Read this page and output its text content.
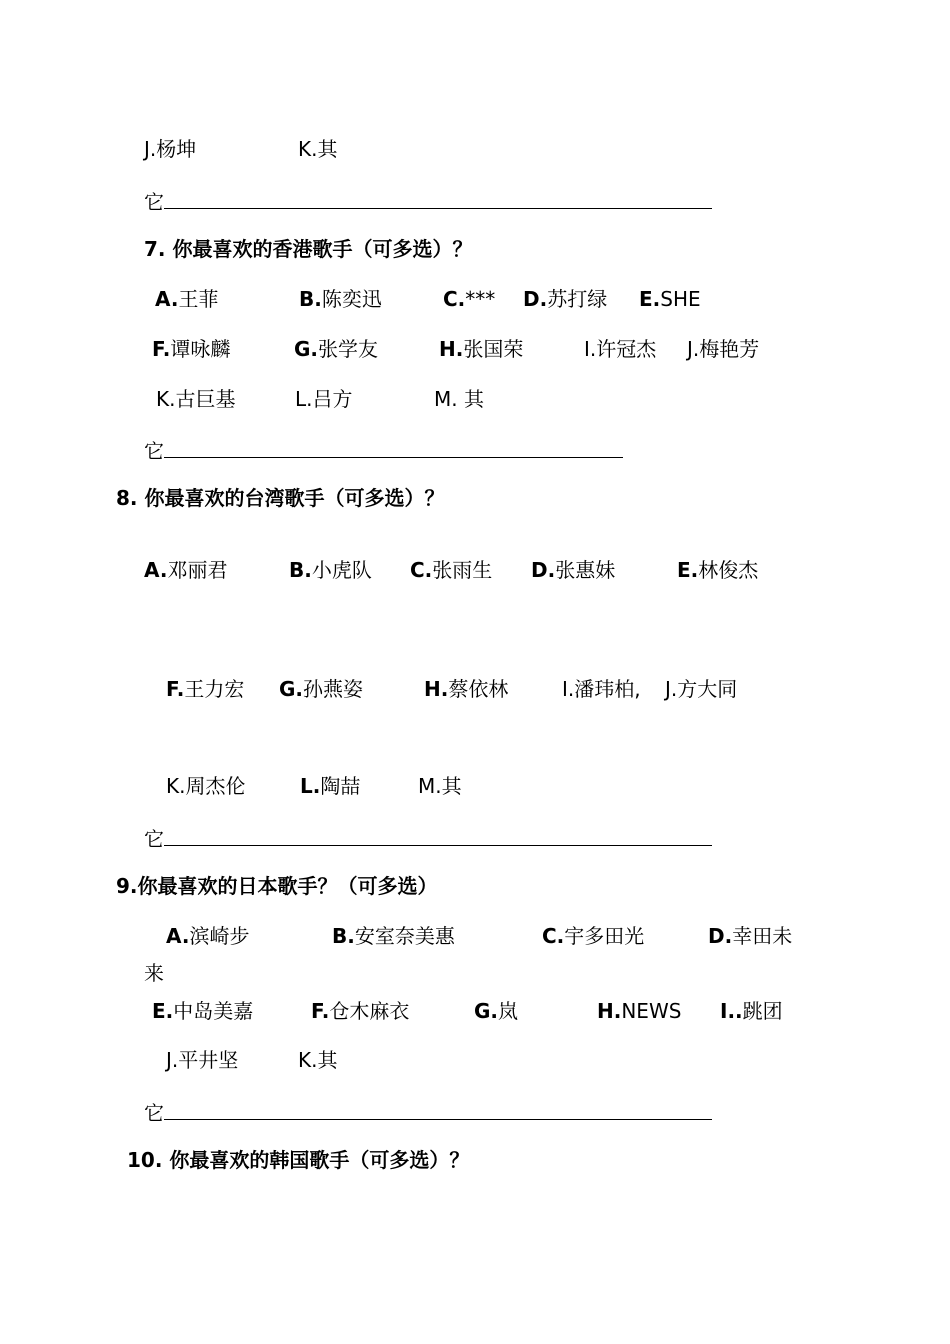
J.杨坤	K.其
它
7. 你最喜欢的香港歌手（可多选）？
A.王菲	B.陈奕迅	C.*** D.苏打绿 E.SHE
F.谭咏麟	G.张学友	H.张国荣	I.许冠杰 J.梅艳芳
K.古巨基	L.吕方	M. 其
它
8. 你最喜欢的台湾歌手（可多选）？
A.邓丽君	B.小虎队 C.张雨生 D.张惠妹	E.林俊杰
F.王力宏 G.孙燕姿	H.蔡依林	I.潘玮柏, J.方大同
K.周杰伦	L.陶喆	M.其
它
9.你最喜欢的日本歌手？（可多选）
A.滨崎步	B.安室奈美惠	C.宇多田光	D.幸田未
来
E.中岛美嘉	F.仓木麻衣	G.岚	H.NEWS I..跳团
J.平井坚	K.其
它
10. 你最喜欢的韩国歌手（可多选）？
